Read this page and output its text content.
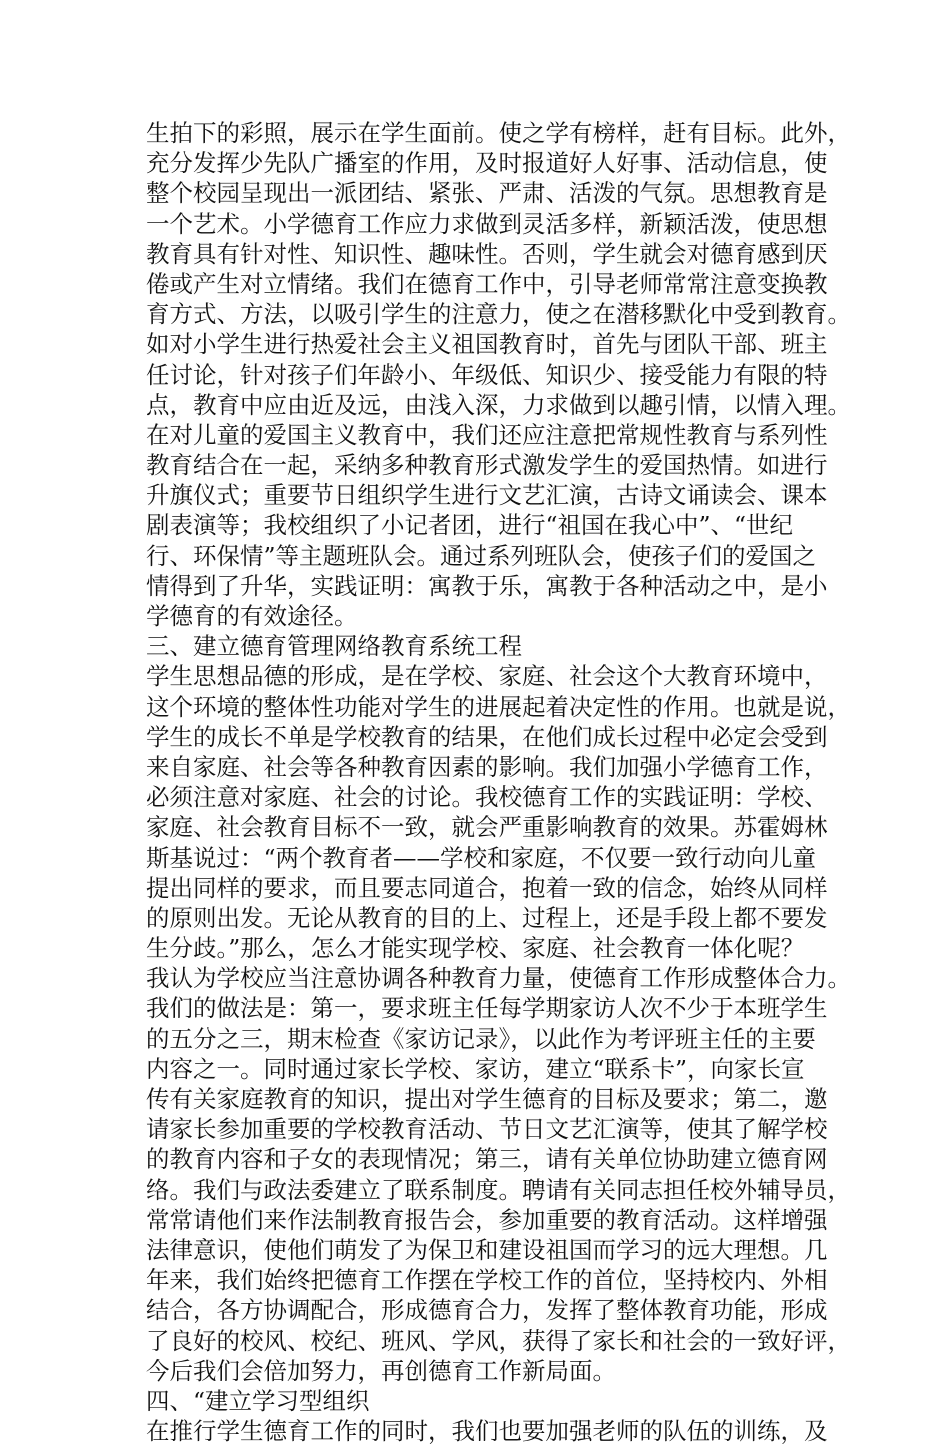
生拍下的彩照，展示在学生面前。使之学有榜样，赶有目标。此外，
充分发挥少先队广播室的作用，及时报道好人好事、活动信息，使
整个校园呈现出一派团结、紧张、严肃、活泼的气氛。思想教育是
一个艺术。小学德育工作应力求做到灵活多样，新颖活泼，使思想
教育具有针对性、知识性、趣味性。否则，学生就会对德育感到厌
倦或产生对立情绪。我们在德育工作中，引导老师常常注意变换教
育方式、方法，以吸引学生的注意力，使之在潜移默化中受到教育。
如对小学生进行热爱社会主义祖国教育时，首先与团队干部、班主
任讨论，针对孩子们年龄小、年级低、知识少、接受能力有限的特
点，教育中应由近及远，由浅入深，力求做到以趣引情，以情入理。
在对儿童的爱国主义教育中，我们还应注意把常规性教育与系列性
教育结合在一起，采纳多种教育形式激发学生的爱国热情。如进行
升旗仪式；重要节日组织学生进行文艺汇演，古诗文诵读会、课本
剧表演等；我校组织了小记者团，进行“祖国在我心中”、“世纪
行、环保情”等主题班队会。通过系列班队会，使孩子们的爱国之
情得到了升华，实践证明：寓教于乐，寓教于各种活动之中，是小
学德育的有效途径。
三、建立德育管理网络教育系统工程
学生思想品德的形成，是在学校、家庭、社会这个大教育环境中，
这个环境的整体性功能对学生的进展起着决定性的作用。也就是说，
学生的成长不单是学校教育的结果，在他们成长过程中必定会受到
来自家庭、社会等各种教育因素的影响。我们加强小学德育工作，
必须注意对家庭、社会的讨论。我校德育工作的实践证明：学校、
家庭、社会教育目标不一致，就会严重影响教育的效果。苏霍姆林
斯基说过：“两个教育者——学校和家庭，不仅要一致行动向儿童
提出同样的要求，而且要志同道合，抱着一致的信念，始终从同样
的原则出发。无论从教育的目的上、过程上，还是手段上都不要发
生分歧。”那么，怎么才能实现学校、家庭、社会教育一体化呢？
我认为学校应当注意协调各种教育力量，使德育工作形成整体合力。
我们的做法是：第一，要求班主任每学期家访人次不少于本班学生
的五分之三，期末检查《家访记录》，以此作为考评班主任的主要
内容之一。同时通过家长学校、家访，建立“联系卡”，向家长宣
传有关家庭教育的知识，提出对学生德育的目标及要求；第二，邀
请家长参加重要的学校教育活动、节日文艺汇演等，使其了解学校
的教育内容和子女的表现情况；第三，请有关单位协助建立德育网
络。我们与政法委建立了联系制度。聘请有关同志担任校外辅导员，
常常请他们来作法制教育报告会，参加重要的教育活动。这样增强
法律意识，使他们萌发了为保卫和建设祖国而学习的远大理想。几
年来，我们始终把德育工作摆在学校工作的首位，坚持校内、外相
结合，各方协调配合，形成德育合力，发挥了整体教育功能，形成
了良好的校风、校纪、班风、学风，获得了家长和社会的一致好评，
今后我们会倍加努力，再创德育工作新局面。
四、“建立学习型组织
在推行学生德育工作的同时，我们也要加强老师的队伍的训练，及
